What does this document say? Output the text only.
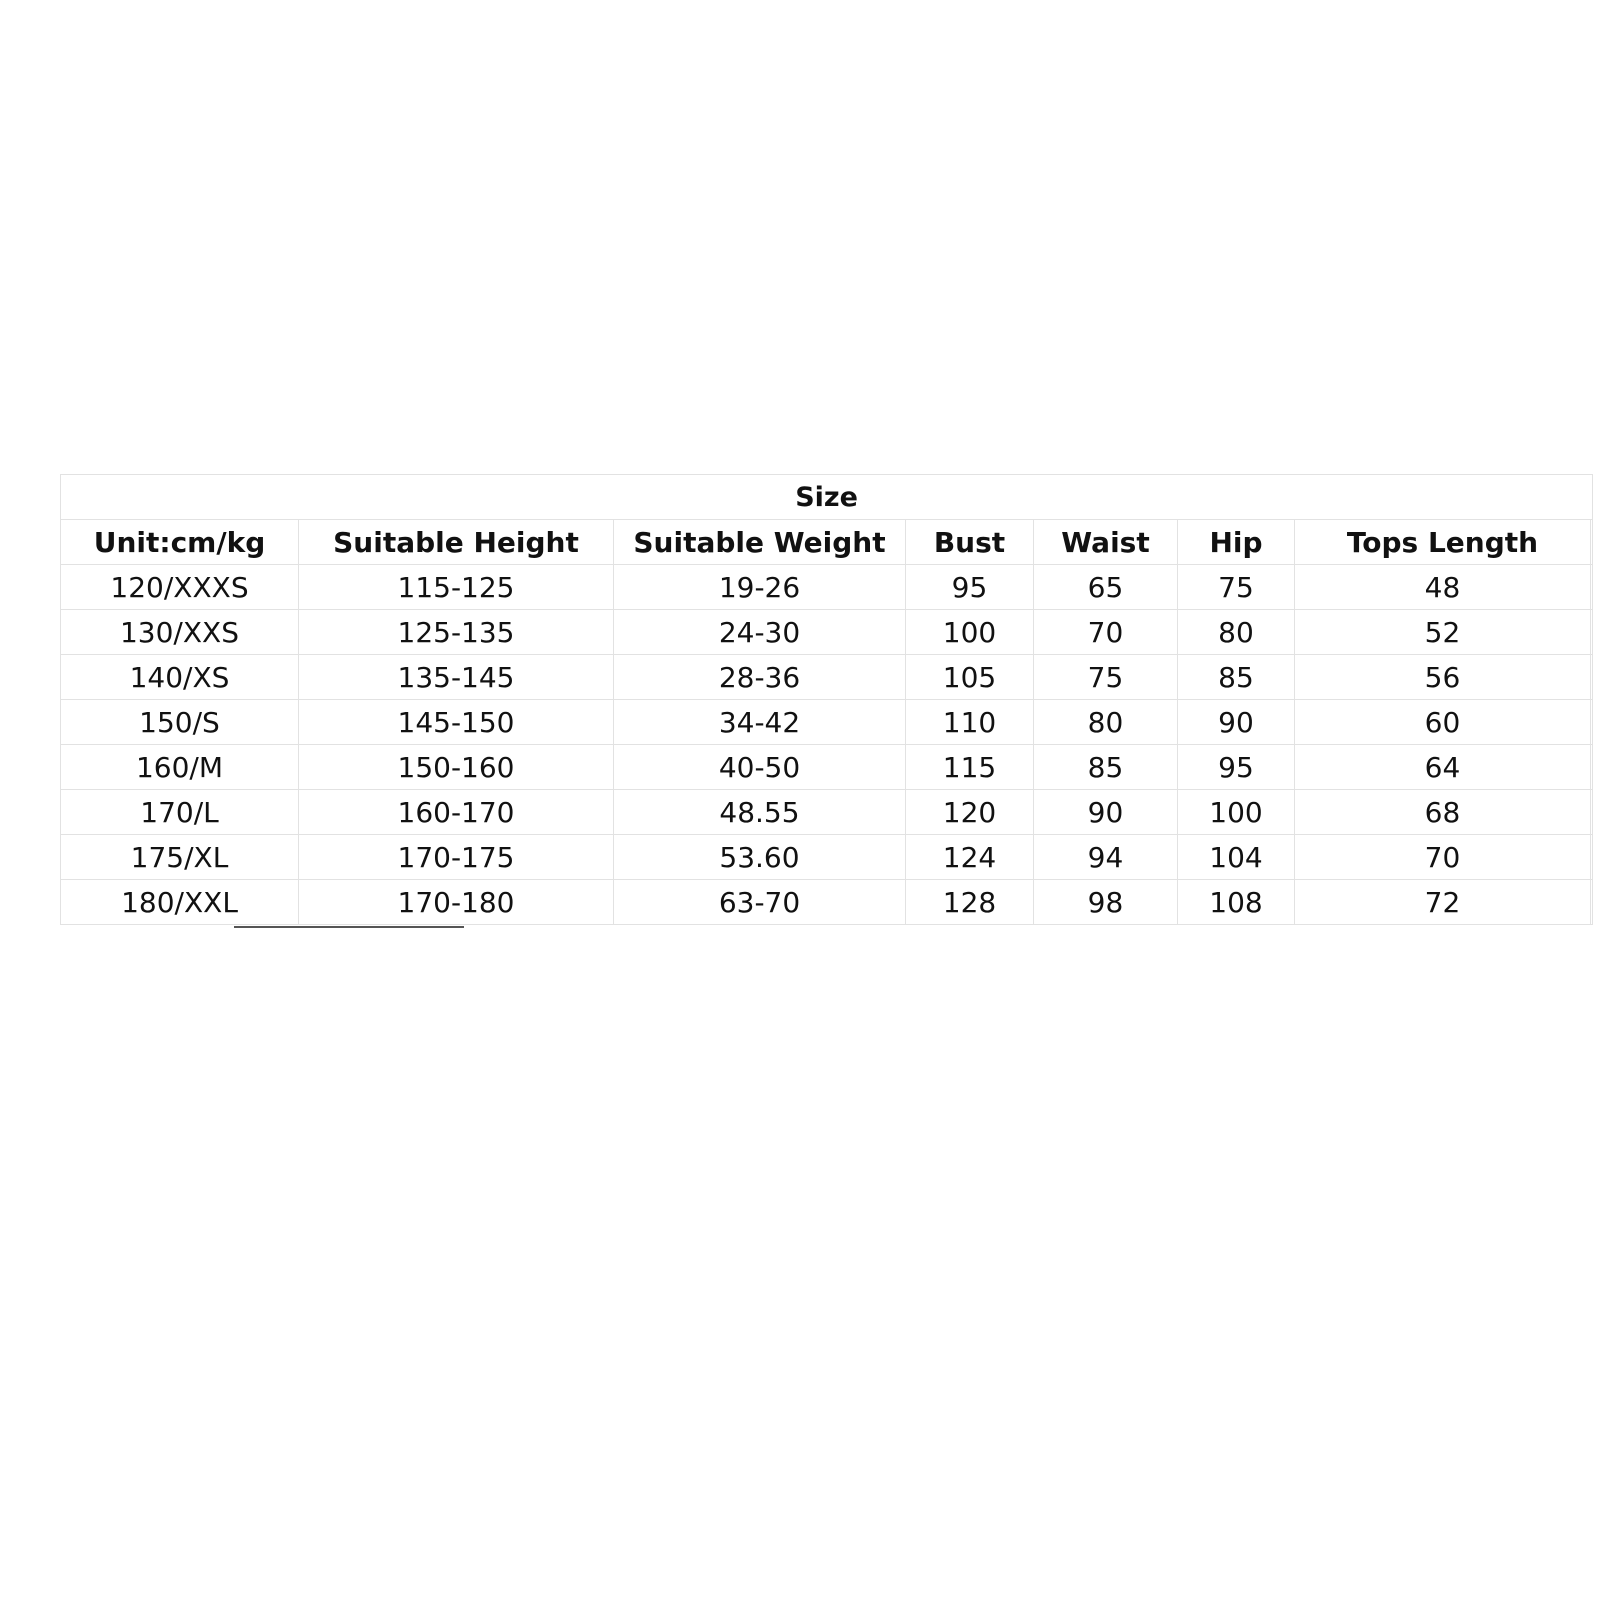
Size							
Unit:cm/kg	Suitable Height	Suitable Weight	Bust	Waist	Hip	Tops Length	
120/XXXS	115-125	19-26	95	65	75	48	
130/XXS	125-135	24-30	100	70	80	52	
140/XS	135-145	28-36	105	75	85	56	
150/S	145-150	34-42	110	80	90	60	
160/M	150-160	40-50	115	85	95	64	
170/L	160-170	48.55	120	90	100	68	
175/XL	170-175	53.60	124	94	104	70	
180/XXL	170-180	63-70	128	98	108	72	
